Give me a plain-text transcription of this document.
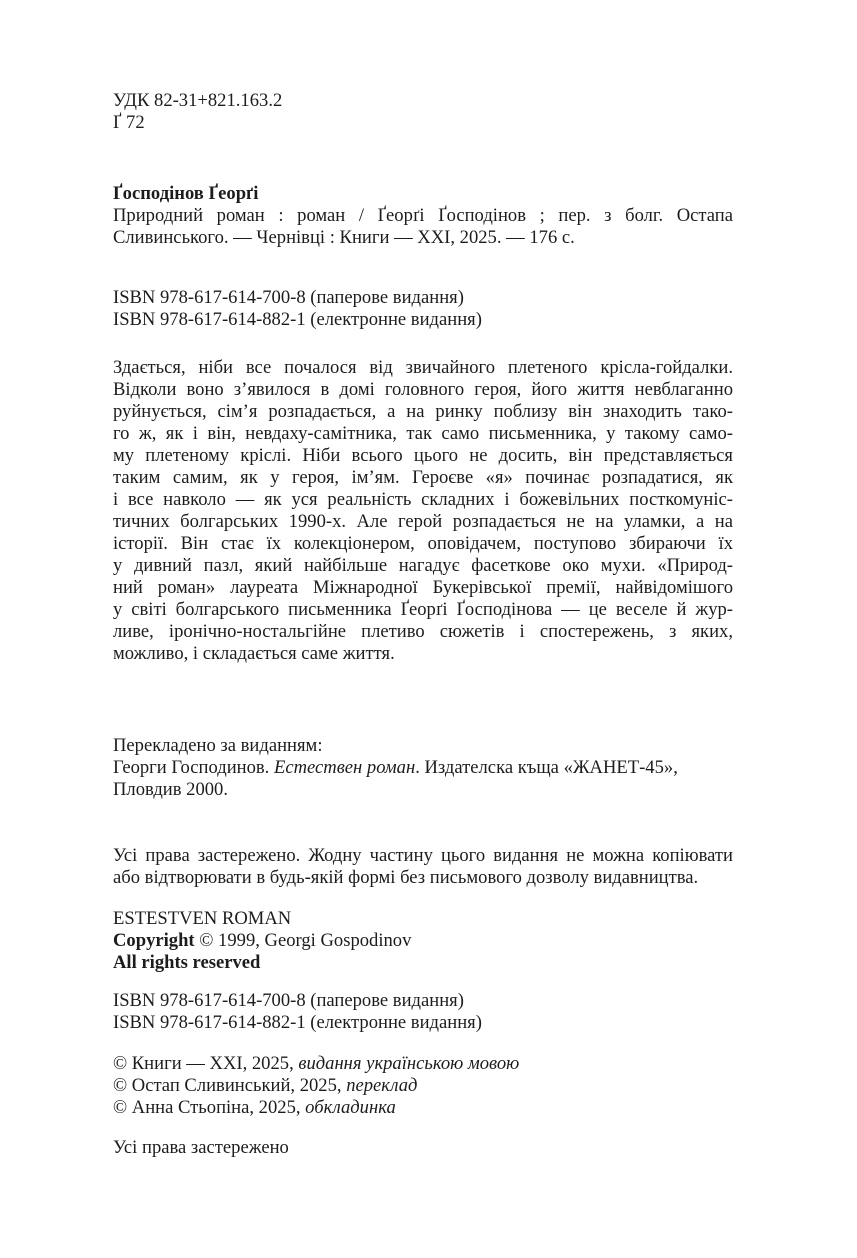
УДК 82-31+821.163.2
Ґ 72
Ґосподінов Ґеорґі
Природний роман : роман / Ґеорґі Ґосподінов ; пер. з болг. Остапа
Сливинського. — Чернівці : Книги — XXI, 2025. — 176 с.
ISBN 978-617-614-700-8 (паперове видання)
ISBN 978-617-614-882-1 (електронне видання)
Здається, ніби все почалося від звичайного плетеного крісла-гойдалки.
Відколи воно з’явилося в домі головного героя, його життя невблаганно
руйнується, сім’я розпадається, а на ринку поблизу він знаходить тако-
го ж, як і він, невдаху-самітника, так само письменника, у такому само-
му плетеному кріслі. Ніби всього цього не досить, він представляється
таким самим, як у героя, ім’ям. Героєве «я» починає розпадатися, як
і все навколо — як уся реальність складних і божевільних посткомуніс-
тичних болгарських 1990-х. Але герой розпадається не на уламки, а на
історії. Він стає їх колекціонером, оповідачем, поступово збираючи їх
у дивний пазл, який найбільше нагадує фасеткове око мухи. «Природ-
ний роман» лауреата Міжнародної Букерівської премії, найвідомішого
у світі болгарського письменника Ґеорґі Ґосподінова — це веселе й жур-
ливе, іронічно-ностальгійне плетиво сюжетів і спостережень, з яких,
можливо, і складається саме життя.
Перекладено за виданням:
Георги Господинов. Естествен роман. Издателска къща «ЖАНЕТ-45»,
Пловдив 2000.
Усі права застережено. Жодну частину цього видання не можна копіювати
або відтворювати в будь-якій формі без письмового дозволу видавництва.
ESTESTVEN ROMAN
Copyright © 1999, Georgi Gospodinov
All rights reserved
ISBN 978-617-614-700-8 (паперове видання)
ISBN 978-617-614-882-1 (електронне видання)
© Книги — XXI, 2025, видання українською мовою
© Остап Сливинський, 2025, переклад
© Анна Стьопіна, 2025, обкладинка
Усі права застережено
